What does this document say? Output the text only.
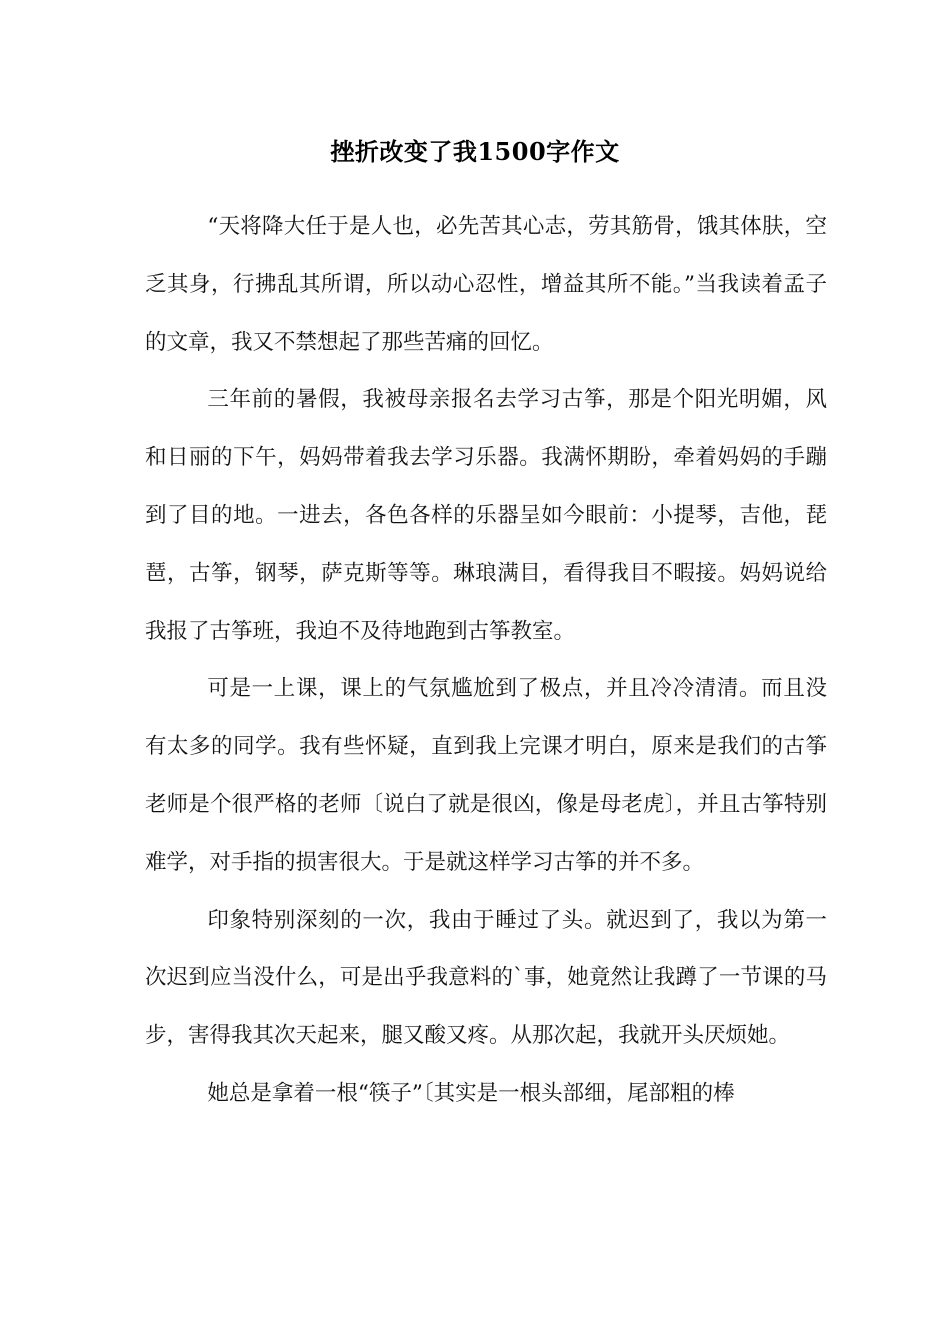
挫折改变了我1500字作文

“天将降大任于是人也，必先苦其心志，劳其筋骨，饿其体肤，空乏其身，行拂乱其所谓，所以动心忍性，增益其所不能。”当我读着孟子的文章，我又不禁想起了那些苦痛的回忆。

三年前的暑假，我被母亲报名去学习古筝，那是个阳光明媚，风和日丽的下午，妈妈带着我去学习乐器。我满怀期盼，牵着妈妈的手蹦到了目的地。一进去，各色各样的乐器呈如今眼前：小提琴，吉他，琵琶，古筝，钢琴，萨克斯等等。琳琅满目，看得我目不暇接。妈妈说给我报了古筝班，我迫不及待地跑到古筝教室。

可是一上课，课上的气氛尴尬到了极点，并且冷冷清清。而且没有太多的同学。我有些怀疑，直到我上完课才明白，原来是我们的古筝老师是个很严格的老师〔说白了就是很凶，像是母老虎〕，并且古筝特别难学，对手指的损害很大。于是就这样学习古筝的并不多。

印象特别深刻的一次，我由于睡过了头。就迟到了，我以为第一次迟到应当没什么，可是出乎我意料的`事，她竟然让我蹲了一节课的马步，害得我其次天起来，腿又酸又疼。从那次起，我就开头厌烦她。

她总是拿着一根“筷子”〔其实是一根头部细，尾部粗的棒
